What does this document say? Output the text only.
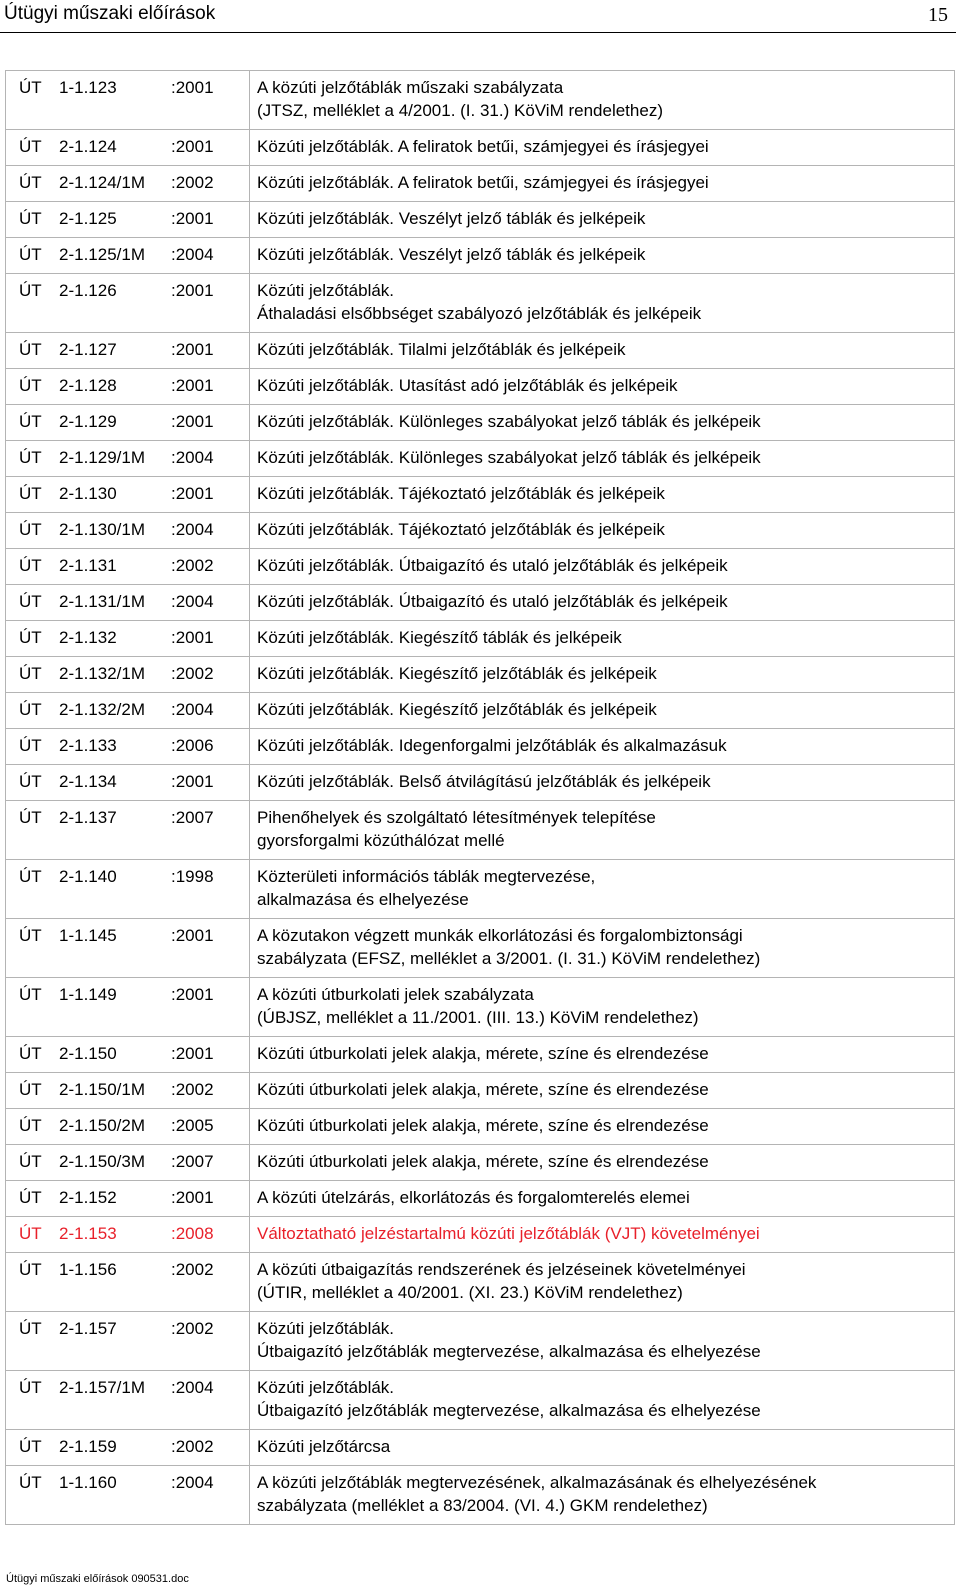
Útügyi műszaki előírások	15
ÚT	1-1.123	:2001	A közúti jelzőtáblák műszaki szabályzata
(JTSZ, melléklet a 4/2001. (I. 31.) KöViM rendelethez)
ÚT	2-1.124	:2001	Közúti jelzőtáblák. A feliratok betűi, számjegyei és írásjegyei
ÚT	2-1.124/1M	:2002	Közúti jelzőtáblák. A feliratok betűi, számjegyei és írásjegyei
ÚT	2-1.125	:2001	Közúti jelzőtáblák. Veszélyt jelző táblák és jelképeik
ÚT	2-1.125/1M	:2004	Közúti jelzőtáblák. Veszélyt jelző táblák és jelképeik
ÚT	2-1.126	:2001	Közúti jelzőtáblák.
Áthaladási elsőbbséget szabályozó jelzőtáblák és jelképeik
ÚT	2-1.127	:2001	Közúti jelzőtáblák. Tilalmi jelzőtáblák és jelképeik
ÚT	2-1.128	:2001	Közúti jelzőtáblák. Utasítást adó jelzőtáblák és jelképeik
ÚT	2-1.129	:2001	Közúti jelzőtáblák. Különleges szabályokat jelző táblák és jelképeik
ÚT	2-1.129/1M	:2004	Közúti jelzőtáblák. Különleges szabályokat jelző táblák és jelképeik
ÚT	2-1.130	:2001	Közúti jelzőtáblák. Tájékoztató jelzőtáblák és jelképeik
ÚT	2-1.130/1M	:2004	Közúti jelzőtáblák. Tájékoztató jelzőtáblák és jelképeik
ÚT	2-1.131	:2002	Közúti jelzőtáblák. Útbaigazító és utaló jelzőtáblák és jelképeik
ÚT	2-1.131/1M	:2004	Közúti jelzőtáblák. Útbaigazító és utaló jelzőtáblák és jelképeik
ÚT	2-1.132	:2001	Közúti jelzőtáblák. Kiegészítő táblák és jelképeik
ÚT	2-1.132/1M	:2002	Közúti jelzőtáblák. Kiegészítő jelzőtáblák és jelképeik
ÚT	2-1.132/2M	:2004	Közúti jelzőtáblák. Kiegészítő jelzőtáblák és jelképeik
ÚT	2-1.133	:2006	Közúti jelzőtáblák. Idegenforgalmi jelzőtáblák és alkalmazásuk
ÚT	2-1.134	:2001	Közúti jelzőtáblák. Belső átvilágítású jelzőtáblák és jelképeik
ÚT	2-1.137	:2007	Pihenőhelyek és szolgáltató létesítmények telepítése
gyorsforgalmi közúthálózat mellé
ÚT	2-1.140	:1998	Közterületi információs táblák megtervezése,
alkalmazása és elhelyezése
ÚT	1-1.145	:2001	A közutakon végzett munkák elkorlátozási és forgalombiztonsági
szabályzata (EFSZ, melléklet a 3/2001. (I. 31.) KöViM rendelethez)
ÚT	1-1.149	:2001	A közúti útburkolati jelek szabályzata
(ÚBJSZ, melléklet a 11./2001. (III. 13.) KöViM rendelethez)
ÚT	2-1.150	:2001	Közúti útburkolati jelek alakja, mérete, színe és elrendezése
ÚT	2-1.150/1M	:2002	Közúti útburkolati jelek alakja, mérete, színe és elrendezése
ÚT	2-1.150/2M	:2005	Közúti útburkolati jelek alakja, mérete, színe és elrendezése
ÚT	2-1.150/3M	:2007	Közúti útburkolati jelek alakja, mérete, színe és elrendezése
ÚT	2-1.152	:2001	A közúti útelzárás, elkorlátozás és forgalomterelés elemei
ÚT	2-1.153	:2008	Változtatható jelzéstartalmú közúti jelzőtáblák (VJT) követelményei
ÚT	1-1.156	:2002	A közúti útbaigazítás rendszerének és jelzéseinek követelményei
(ÚTIR, melléklet a 40/2001. (XI. 23.) KöViM rendelethez)
ÚT	2-1.157	:2002	Közúti jelzőtáblák.
Útbaigazító jelzőtáblák megtervezése, alkalmazása és elhelyezése
ÚT	2-1.157/1M	:2004	Közúti jelzőtáblák.
Útbaigazító jelzőtáblák megtervezése, alkalmazása és elhelyezése
ÚT	2-1.159	:2002	Közúti jelzőtárcsa
ÚT	1-1.160	:2004	A közúti jelzőtáblák megtervezésének, alkalmazásának és elhelyezésének
szabályzata (melléklet a 83/2004. (VI. 4.) GKM rendelethez)
Útügyi műszaki előírások 090531.doc
